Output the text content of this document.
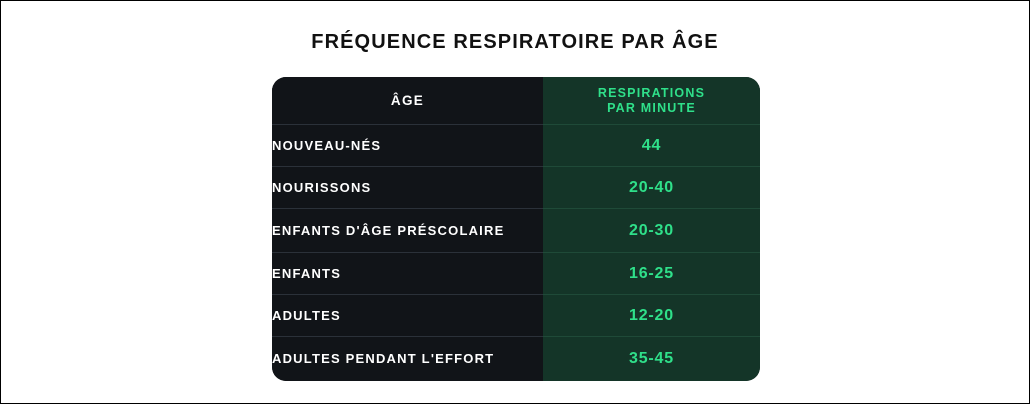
FRÉQUENCE RESPIRATOIRE PAR ÂGE
ÂGE	RESPIRATIONS
PAR MINUTE

NOUVEAU-NÉS	44
NOURISSONS	20-40
ENFANTS D'ÂGE PRÉSCOLAIRE	20-30
ENFANTS	16-25
ADULTES	12-20
ADULTES PENDANT L'EFFORT	35-45
